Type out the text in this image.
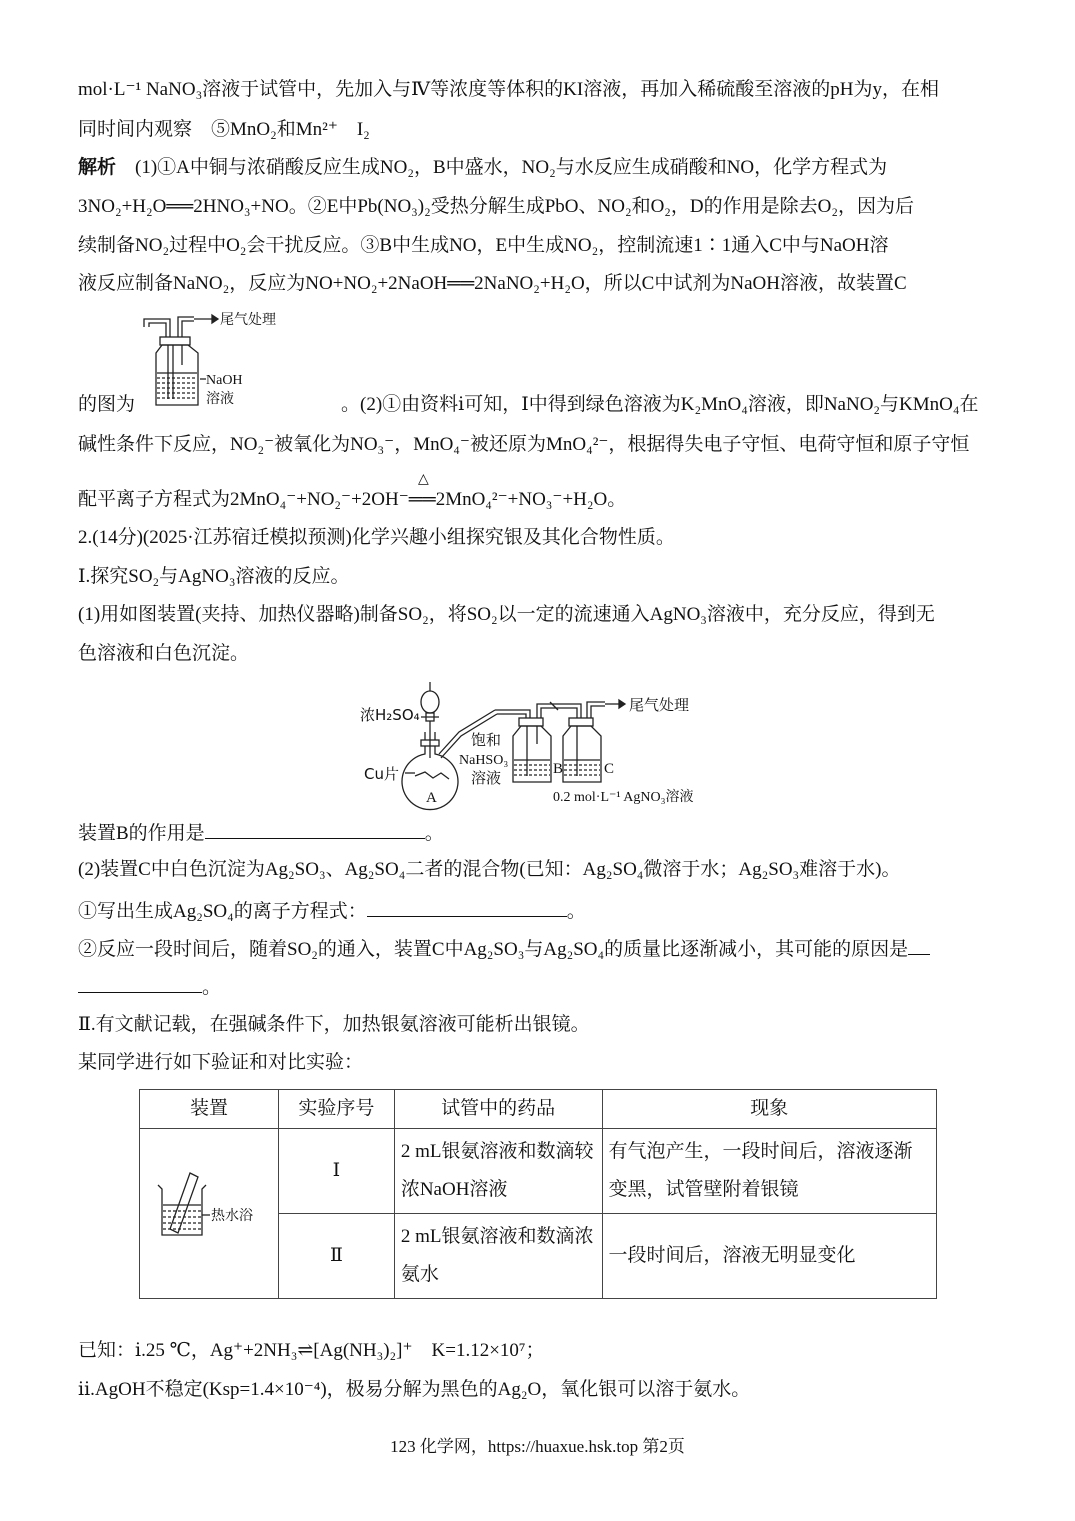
mol·L⁻¹ NaNO₃溶液于试管中，先加入与Ⅳ等浓度等体积的KI溶液，再加入稀硫酸至溶液的pH为y，在相
同时间内观察　⑤MnO₂和Mn²⁺　I₂
解析　(1)①A中铜与浓硝酸反应生成NO₂，B中盛水，NO₂与水反应生成硝酸和NO，化学方程式为
3NO₂+H₂O══2HNO₃+NO。②E中Pb(NO₃)₂受热分解生成PbO、NO₂和O₂，D的作用是除去O₂，因为后
续制备NO₂过程中O₂会干扰反应。③B中生成NO，E中生成NO₂，控制流速1∶1通入C中与NaOH溶
液反应制备NaNO₂，反应为NO+NO₂+2NaOH══2NaNO₂+H₂O，所以C中试剂为NaOH溶液，故装置C
尾气处理
NaOH
溶液
的图为	。(2)①由资料ⅰ可知，Ⅰ中得到绿色溶液为K₂MnO₄溶液，即NaNO₂与KMnO₄在
碱性条件下反应，NO₂⁻被氧化为NO₃⁻，MnO₄⁻被还原为MnO₄²⁻，根据得失电子守恒、电荷守恒和原子守恒
△
配平离子方程式为2MnO₄⁻+NO₂⁻+2OH⁻══2MnO₄²⁻+NO₃⁻+H₂O。
2.(14分)(2025·江苏宿迁模拟预测)化学兴趣小组探究银及其化合物性质。
Ⅰ.探究SO₂与AgNO₃溶液的反应。
(1)用如图装置(夹持、加热仪器略)制备SO₂，将SO₂以一定的流速通入AgNO₃溶液中，充分反应，得到无
色溶液和白色沉淀。
浓H₂SO₄
Cu片
A
饱和
NaHSO₃
溶液	B	C
0.2 mol·L⁻¹ AgNO₃溶液
尾气处理
装置B的作用是	。
(2)装置C中白色沉淀为Ag₂SO₃、Ag₂SO₄二者的混合物(已知：Ag₂SO₄微溶于水；Ag₂SO₃难溶于水)。
①写出生成Ag₂SO₄的离子方程式：	。
②反应一段时间后，随着SO₂的通入，装置C中Ag₂SO₃与Ag₂SO₄的质量比逐渐减小，其可能的原因是
。
Ⅱ.有文献记载，在强碱条件下，加热银氨溶液可能析出银镜。
某同学进行如下验证和对比实验：
装置	实验序号	试管中的药品	现象

热水浴	Ⅰ	2 mL银氨溶液和数滴较浓NaOH溶液	有气泡产生，一段时间后，溶液逐渐变黑，试管壁附着银镜
	Ⅱ	2 mL银氨溶液和数滴浓氨水	一段时间后，溶液无明显变化
已知：ⅰ.25 ℃，Ag⁺+2NH₃⇌[Ag(NH₃)₂]⁺　K=1.12×10⁷；
ⅱ.AgOH不稳定(Ksp=1.4×10⁻⁴)，极易分解为黑色的Ag₂O，氧化银可以溶于氨水。
123 化学网，https://huaxue.hsk.top 第2页
